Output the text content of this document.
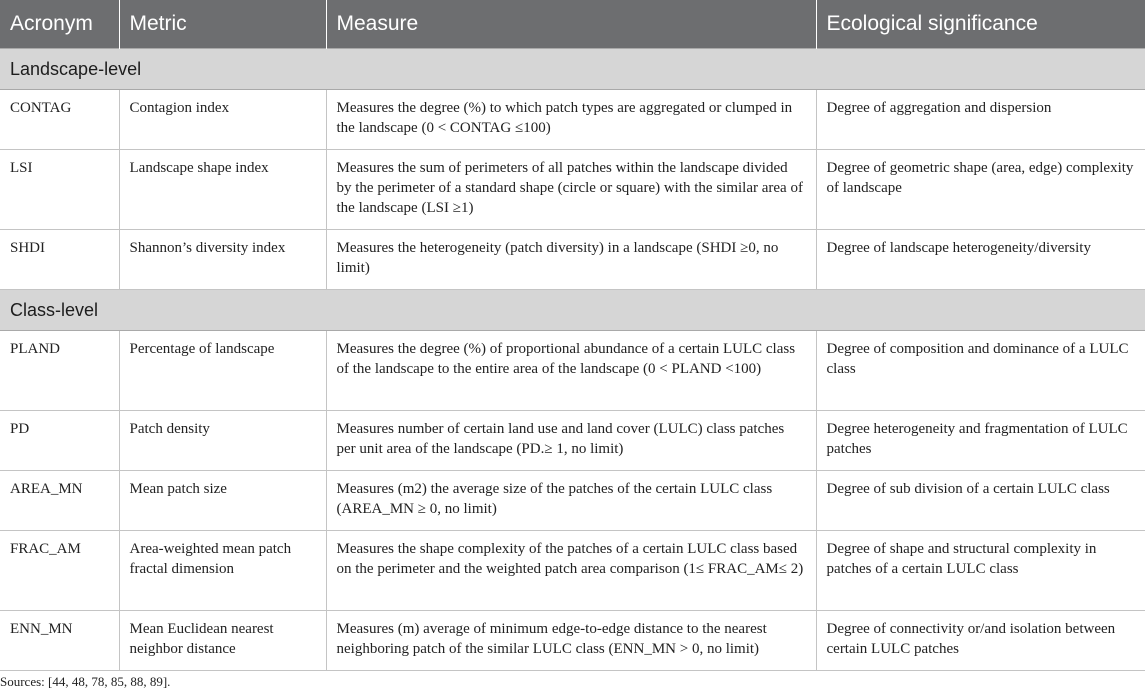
Acronym	Metric	Measure	Ecological significance
Landscape-level			
CONTAG	Contagion index	Measures the degree (%) to which patch types are aggregated or clumped in the landscape (0 < CONTAG ≤100)	Degree of aggregation and dispersion
LSI	Landscape shape index	Measures the sum of perimeters of all patches within the landscape divided by the perimeter of a standard shape (circle or square) with the similar area of the landscape (LSI ≥1)	Degree of geometric shape (area, edge) complexity of landscape
SHDI	Shannon’s diversity index	Measures the heterogeneity (patch diversity) in a landscape (SHDI ≥0, no limit)	Degree of landscape heterogeneity/diversity
Class-level			
PLAND	Percentage of landscape	Measures the degree (%) of proportional abundance of a certain LULC class of the landscape to the entire area of the landscape (0 < PLAND <100)	Degree of composition and dominance of a LULC class
PD	Patch density	Measures number of certain land use and land cover (LULC) class patches per unit area of the landscape (PD.≥ 1, no limit)	Degree heterogeneity and fragmentation of LULC patches
AREA_MN	Mean patch size	Measures (m2) the average size of the patches of the certain LULC class (AREA_MN ≥ 0, no limit)	Degree of sub division of a certain LULC class
FRAC_AM	Area-weighted mean patch fractal dimension	Measures the shape complexity of the patches of a certain LULC class based on the perimeter and the weighted patch area comparison (1≤ FRAC_AM≤ 2)	Degree of shape and structural complexity in patches of a certain LULC class
ENN_MN	Mean Euclidean nearest neighbor distance	Measures (m) average of minimum edge-to-edge distance to the nearest neighboring patch of the similar LULC class (ENN_MN > 0, no limit)	Degree of connectivity or/and isolation between certain LULC patches
Sources: [44, 48, 78, 85, 88, 89].
